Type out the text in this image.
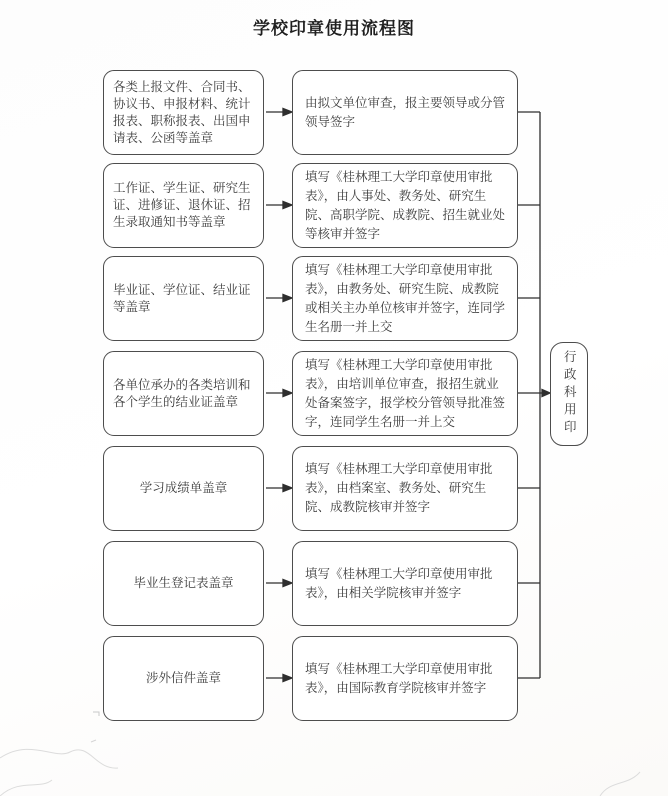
学校印章使用流程图
各类上报文件、合同书、协议书、申报材料、统计报表、职称报表、出国申请表、公函等盖章
由拟文单位审查，报主要领导或分管领导签字
工作证、学生证、研究生证、进修证、退休证、招生录取通知书等盖章
填写《桂林理工大学印章使用审批表》，由人事处、教务处、研究生院、高职学院、成教院、招生就业处等核审并签字
毕业证、学位证、结业证等盖章
填写《桂林理工大学印章使用审批表》，由教务处、研究生院、成教院或相关主办单位核审并签字，连同学生名册一并上交
各单位承办的各类培训和各个学生的结业证盖章
填写《桂林理工大学印章使用审批表》，由培训单位审查，报招生就业处备案签字，报学校分管领导批准签字，连同学生名册一并上交
学习成绩单盖章
填写《桂林理工大学印章使用审批表》，由档案室、教务处、研究生院、成教院核审并签字
毕业生登记表盖章
填写《桂林理工大学印章使用审批表》，由相关学院核审并签字
涉外信件盖章
填写《桂林理工大学印章使用审批表》，由国际教育学院核审并签字
行政科用印
